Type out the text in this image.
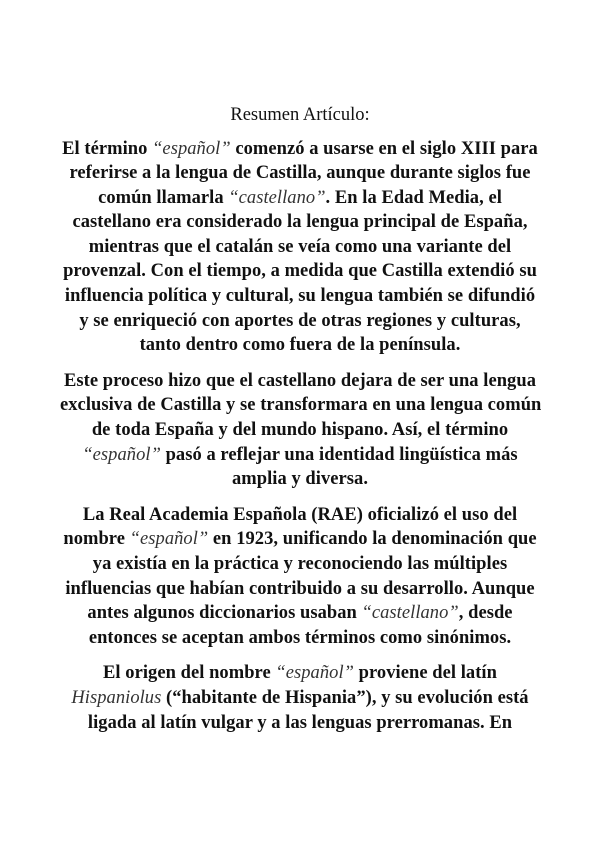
Resumen Artículo:

El término “español” comenzó a usarse en el siglo XIII para
referirse a la lengua de Castilla, aunque durante siglos fue
común llamarla “castellano”. En la Edad Media, el
castellano era considerado la lengua principal de España,
mientras que el catalán se veía como una variante del
provenzal. Con el tiempo, a medida que Castilla extendió su
influencia política y cultural, su lengua también se difundió
y se enriqueció con aportes de otras regiones y culturas,
tanto dentro como fuera de la península.

Este proceso hizo que el castellano dejara de ser una lengua
exclusiva de Castilla y se transformara en una lengua común
de toda España y del mundo hispano. Así, el término
“español” pasó a reflejar una identidad lingüística más
amplia y diversa.

La Real Academia Española (RAE) oficializó el uso del
nombre “español” en 1923, unificando la denominación que
ya existía en la práctica y reconociendo las múltiples
influencias que habían contribuido a su desarrollo. Aunque
antes algunos diccionarios usaban “castellano”, desde
entonces se aceptan ambos términos como sinónimos.

El origen del nombre “español” proviene del latín
Hispaniolus (“habitante de Hispania”), y su evolución está
ligada al latín vulgar y a las lenguas prerromanas. En
